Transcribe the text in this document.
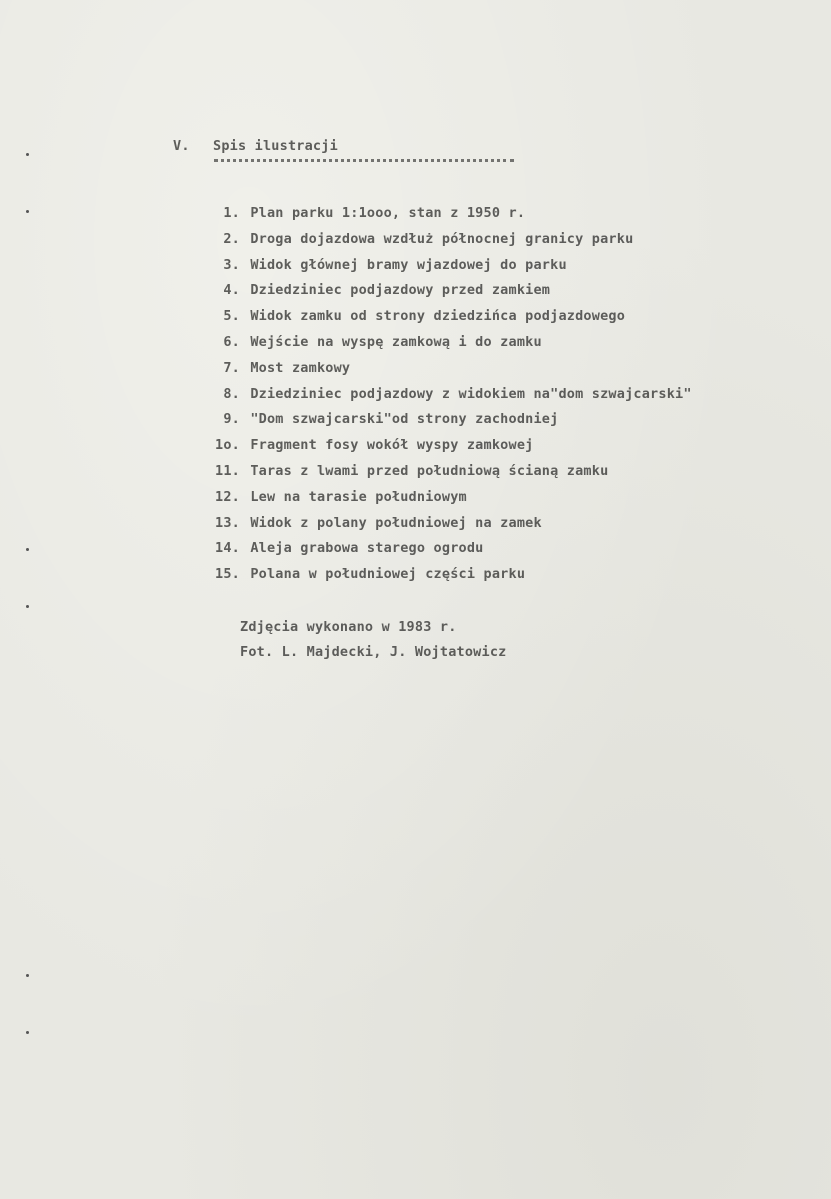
V. Spis ilustracji
1. Plan parku 1:1ooo, stan z 1950 r.
2. Droga dojazdowa wzdłuż północnej granicy parku
3. Widok głównej bramy wjazdowej do parku
4. Dziedziniec podjazdowy przed zamkiem
5. Widok zamku od strony dziedzińca podjazdowego
6. Wejście na wyspę zamkową i do zamku
7. Most zamkowy
8. Dziedziniec podjazdowy z widokiem na"dom szwajcarski"
9. "Dom szwajcarski"od strony zachodniej
1o. Fragment fosy wokół wyspy zamkowej
11. Taras z lwami przed południową ścianą zamku
12. Lew na tarasie południowym
13. Widok z polany południowej na zamek
14. Aleja grabowa starego ogrodu
15. Polana w południowej części parku
Zdjęcia wykonano w 1983 r.
Fot. L. Majdecki, J. Wojtatowicz
